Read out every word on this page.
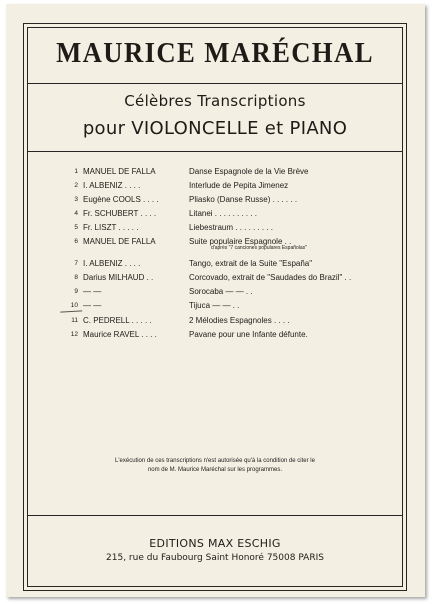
MAURICE MARÉCHAL
Célèbres Transcriptions
pour VIOLONCELLE et PIANO
1 MANUEL DE FALLA	Danse Espagnole de la Vie Brève
2 I. ALBENIZ . . . .	Interlude de Pepita Jimenez
3 Eugène COOLS . . . .	Pliasko (Danse Russe) . . . . . .
4 Fr. SCHUBERT . . . .	Litanei . . . . . . . . . .
5 Fr. LISZT . . . . .	Liebestraum . . . . . . . . .
6 MANUEL DE FALLA	Suite populaire Espagnole . .
d'après "7 canciones populares Españolas"
7 I. ALBENIZ . . . .	Tango, extrait de la Suite "España"
8 Darius MILHAUD . .	Corcovado, extrait de "Saudades do Brazil" . .
9 — —	Sorocaba — — . .
10 — —	Tijuca — — . .
11 C. PEDRELL . . . . .	2 Mélodies Espagnoles . . . .
12 Maurice RAVEL . . . .	Pavane pour une Infante défunte.
L'exécution de ces transcriptions n'est autorisée qu'à la condition de citer le
nom de M. Maurice Maréchal sur les programmes.
EDITIONS MAX ESCHIG
215, rue du Faubourg Saint Honoré 75008 PARIS
